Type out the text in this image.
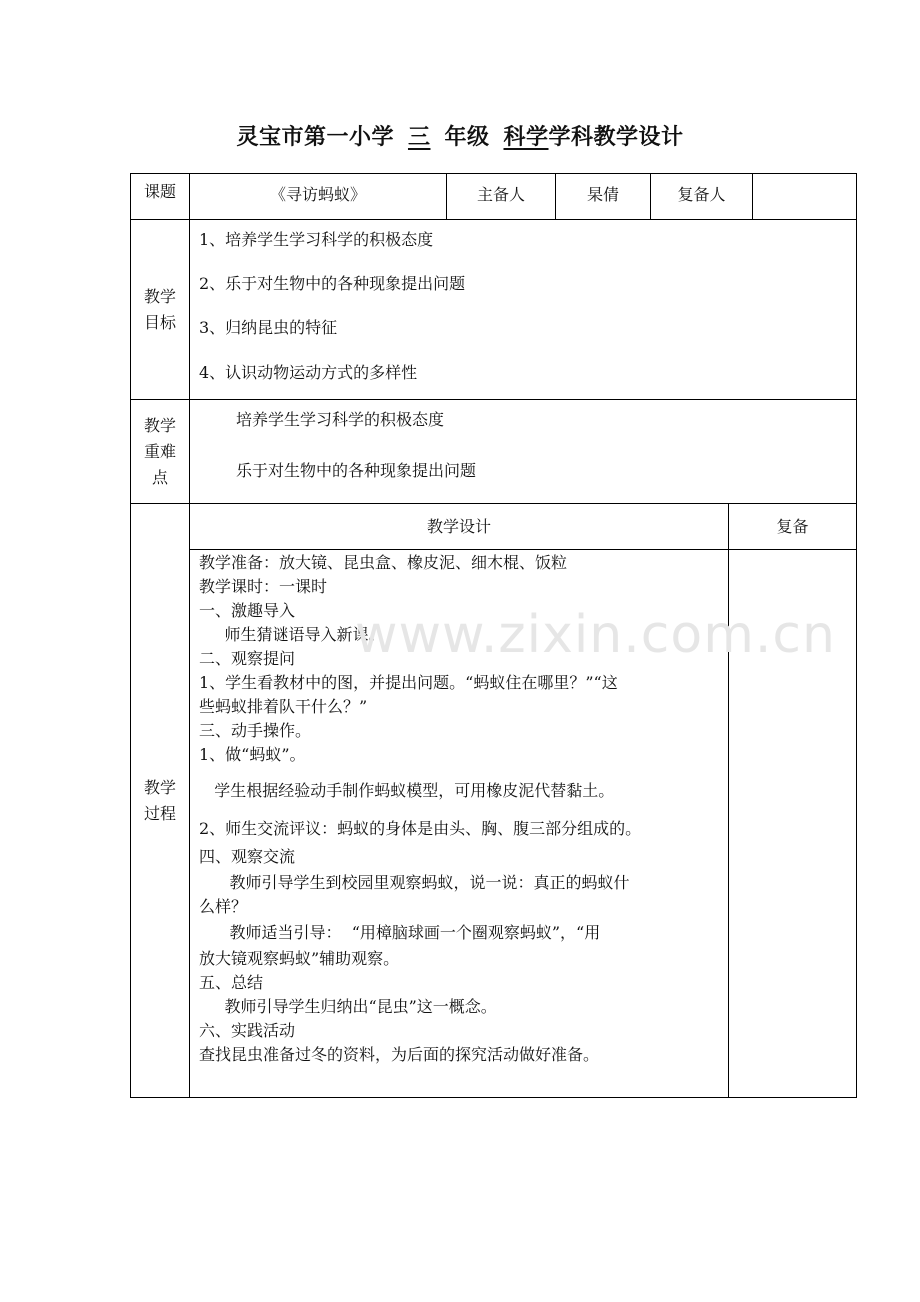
灵宝市第一小学 三 年级 科学学科教学设计
课题	《寻访蚂蚁》	主备人	杲倩	复备人
教学
目标

1、培养学生学习科学的积极态度

2、乐于对生物中的各种现象提出问题

3、归纳昆虫的特征

4、认识动物运动方式的多样性

教学
重难
点
培养学生学习科学的积极态度
乐于对生物中的各种现象提出问题
教学
过程
教学设计	复备

教学准备：放大镜、昆虫盒、橡皮泥、细木棍、饭粒

教学课时：一课时

一、激趣导入

师生猜谜语导入新课。

二、观察提问

1、学生看教材中的图，并提出问题。“蚂蚁住在哪里？”“这

些蚂蚁排着队干什么？”

三、动手操作。

1、做“蚂蚁”。

学生根据经验动手制作蚂蚁模型，可用橡皮泥代替黏土。

2、师生交流评议：蚂蚁的身体是由头、胸、腹三部分组成的。

四、观察交流

教师引导学生到校园里观察蚂蚁，说一说：真正的蚂蚁什

么样？

教师适当引导：  “用樟脑球画一个圈观察蚂蚁”，“用

放大镜观察蚂蚁”辅助观察。

五、总结

教师引导学生归纳出“昆虫”这一概念。

六、实践活动

查找昆虫准备过冬的资料，为后面的探究活动做好准备。

www.zixin.com.cn
